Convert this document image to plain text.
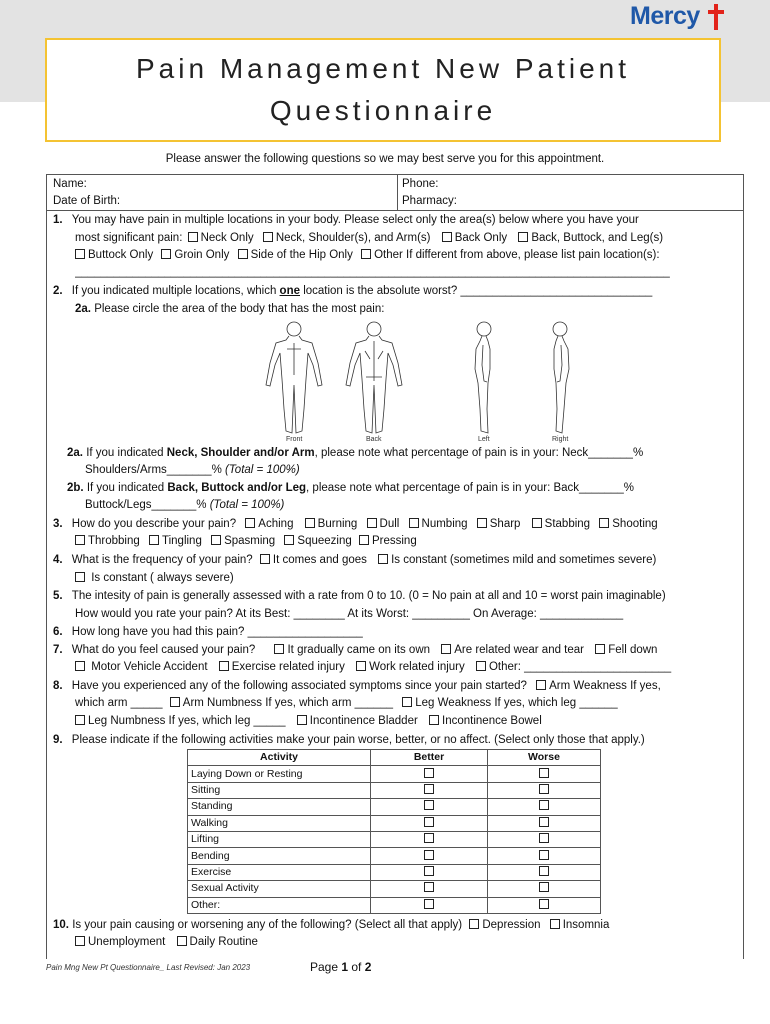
Mercy
Pain Management New Patient
Questionnaire
Please answer the following questions so we may best serve you for this appointment.
Name:	Phone:
Date of Birth:	Pharmacy:
1. You may have pain in multiple locations in your body. Please select only the area(s) below where you have your
most significant pain: Neck Only Neck, Shoulder(s), and Arm(s) Back Only Back, Buttock, and Leg(s)
Buttock Only Groin Only Side of the Hip Only Other If different from above, please list pain location(s):
_____________________________________________________________________________________________
2. If you indicated multiple locations, which one location is the absolute worst? ______________________________
2a. Please circle the area of the body that has the most pain:
Front	Back	Left	Right
2a. If you indicated Neck, Shoulder and/or Arm, please note what percentage of pain is in your: Neck_______%
Shoulders/Arms_______% (Total = 100%)
2b. If you indicated Back, Buttock and/or Leg, please note what percentage of pain is in your: Back_______%
Buttock/Legs_______% (Total = 100%)
3. How do you describe your pain? Aching Burning Dull Numbing Sharp Stabbing Shooting
Throbbing Tingling Spasming Squeezing Pressing
4. What is the frequency of your pain? It comes and goes Is constant (sometimes mild and sometimes severe)
Is constant ( always severe)
5. The intesity of pain is generally assessed with a rate from 0 to 10. (0 = No pain at all and 10 = worst pain imaginable)
How would you rate your pain? At its Best: ________ At its Worst: _________ On Average: _____________
6. How long have you had this pain? __________________
7. What do you feel caused your pain?	It gradually came on its own Are related wear and tear Fell down
Motor Vehicle Accident Exercise related injury Work related injury Other: _______________________
8. Have you experienced any of the following associated symptoms since your pain started? Arm Weakness If yes,
which arm _____ Arm Numbness If yes, which arm ______ Leg Weakness If yes, which leg ______
Leg Numbness If yes, which leg _____ Incontinence Bladder Incontinence Bowel
9. Please indicate if the following activities make your pain worse, better, or no affect. (Select only those that apply.)
Activity	Better	Worse
Laying Down or Resting		
Sitting		
Standing		
Walking		
Lifting		
Bending		
Exercise		
Sexual Activity		
Other:		
10. Is your pain causing or worsening any of the following? (Select all that apply) Depression Insomnia
Unemployment Daily Routine
Pain Mng New Pt Questionnaire_ Last Revised: Jan 2023	Page 1 of 2
